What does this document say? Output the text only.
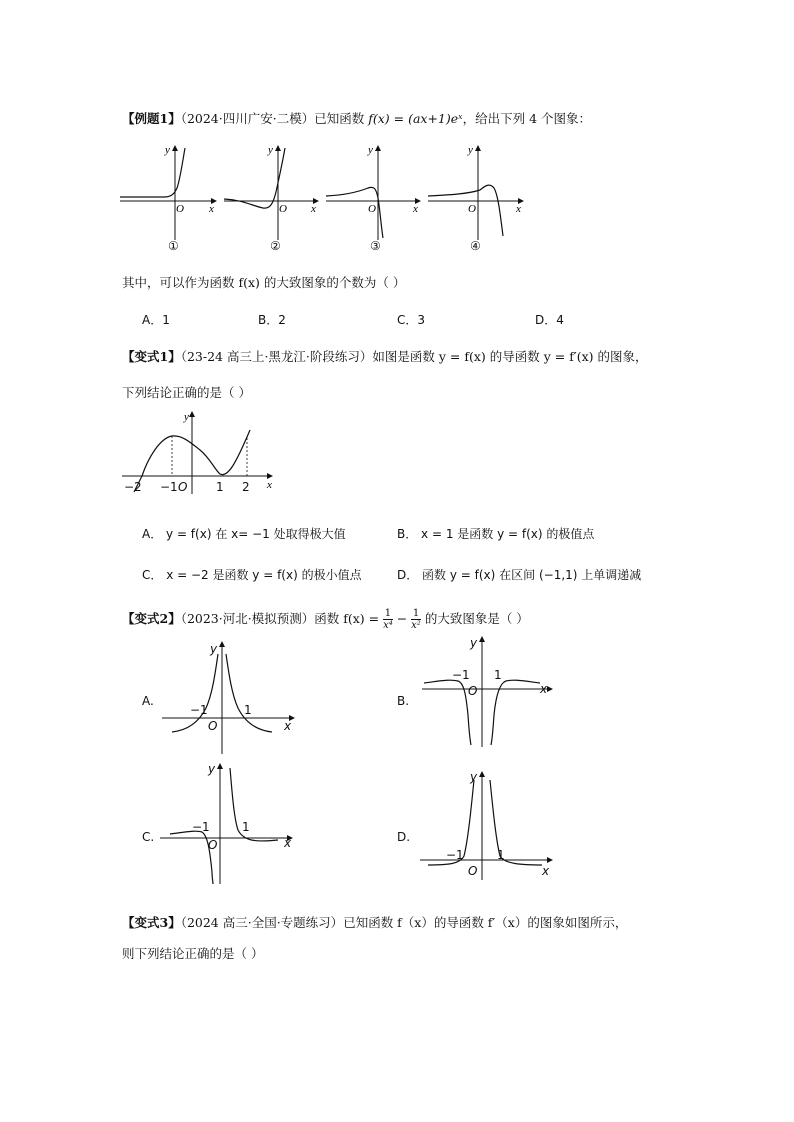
【例题1】（2024·四川广安·二模）已知函数 f(x) = (ax+1)eˣ，给出下列 4 个图象：
y
O x
y
O x
y
O	x
y
O	x
①	②	③	④
其中，可以作为函数 f(x) 的大致图象的个数为（ ）
A．1	B．2	C．3	D．4
【变式1】（23-24 高三上·黑龙江·阶段练习）如图是函数 y = f(x) 的导函数 y = f′(x) 的图象，
下列结论正确的是（ ）
y
x
−2 −1 O 1 2
A． y = f(x) 在 x= −1 处取得极大值	B． x = 1 是函数 y = f(x) 的极值点
C． x = −2 是函数 y = f(x) 的极小值点	D． 函数 y = f(x) 在区间 (−1,1) 上单调递减
【变式2】（2023·河北·模拟预测）函数 $f(x) = \frac{1}{\text{x⁴}} - \frac{1}{\text{x²}}$ 的大致图象是（ ）
A.	B.
C.	D.
y
−1	1
O	x
y
−1 1
O	x
y
−1	1
O	x
y
−1	1
O	x
【变式3】（2024 高三·全国·专题练习）已知函数 f（x）的导函数 f′（x）的图象如图所示，
则下列结论正确的是（ ）
